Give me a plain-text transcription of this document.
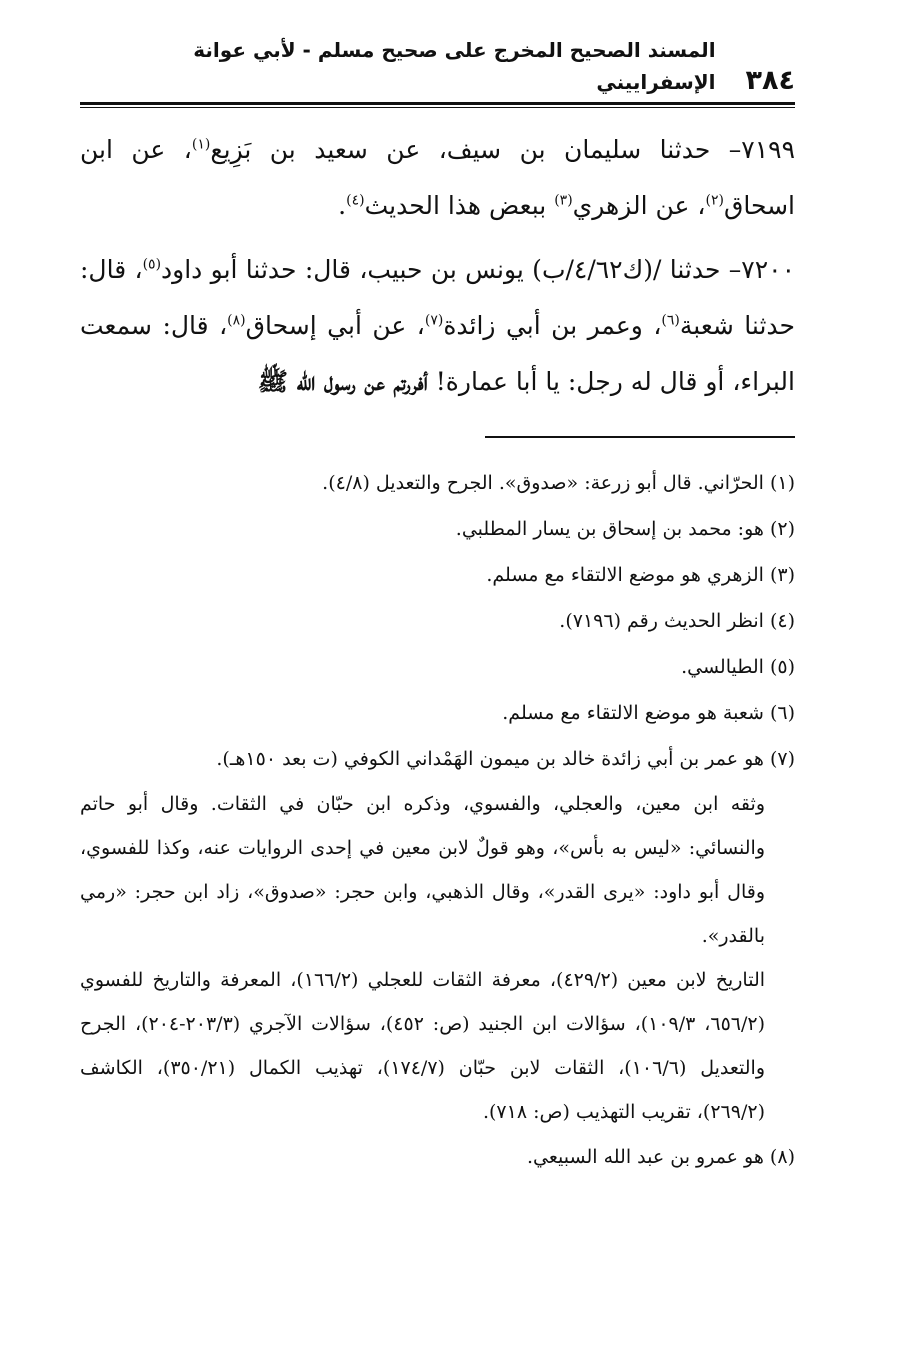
٣٨٤
المسند الصحيح المخرج على صحيح مسلم - لأبي عوانة الإسفراييني

٧١٩٩– حدثنا سليمان بن سيف، عن سعيد بن بَزِيع$^{(١)}$، عن ابن اسحاق$^{(٢)}$، عن الزهري$^{(٣)}$ ببعض هذا الحديث$^{(٤)}$.

٧٢٠٠– حدثنا /(ك٤/٦٢/ب) يونس بن حبيب، قال: حدثنا أبو داود$^{(٥)}$، قال: حدثنا شعبة$^{(٦)}$، وعمر بن أبي زائدة$^{(٧)}$، عن أبي إسحاق$^{(٨)}$، قال: سمعت البراء، أو قال له رجل: يا أبا عمارة! أفررتم عن رسول الله ﷺ

(١) الحرّاني. قال أبو زرعة: «صدوق». الجرح والتعديل (٤/٨).

(٢) هو: محمد بن إسحاق بن يسار المطلبي.

(٣) الزهري هو موضع الالتقاء مع مسلم.

(٤) انظر الحديث رقم (٧١٩٦).

(٥) الطيالسي.

(٦) شعبة هو موضع الالتقاء مع مسلم.

(٧) هو عمر بن أبي زائدة خالد بن ميمون الهَمْداني الكوفي (ت بعد ١٥٠هـ).

وثقه ابن معين، والعجلي، والفسوي، وذكره ابن حبّان في الثقات. وقال أبو حاتم والنسائي: «ليس به بأس»، وهو قولٌ لابن معين في إحدى الروايات عنه، وكذا للفسوي، وقال أبو داود: «يرى القدر»، وقال الذهبي، وابن حجر: «صدوق»، زاد ابن حجر: «رمي بالقدر».

التاريخ لابن معين (٤٢٩/٢)، معرفة الثقات للعجلي (١٦٦/٢)، المعرفة والتاريخ للفسوي (٦٥٦/٢، ١٠٩/٣)، سؤالات ابن الجنيد (ص: ٤٥٢)، سؤالات الآجري (٢٠٣/٣-٢٠٤)، الجرح والتعديل (١٠٦/٦)، الثقات لابن حبّان (١٧٤/٧)، تهذيب الكمال (٣٥٠/٢١)، الكاشف (٢٦٩/٢)، تقريب التهذيب (ص: ٧١٨).

(٨) هو عمرو بن عبد الله السبيعي.
